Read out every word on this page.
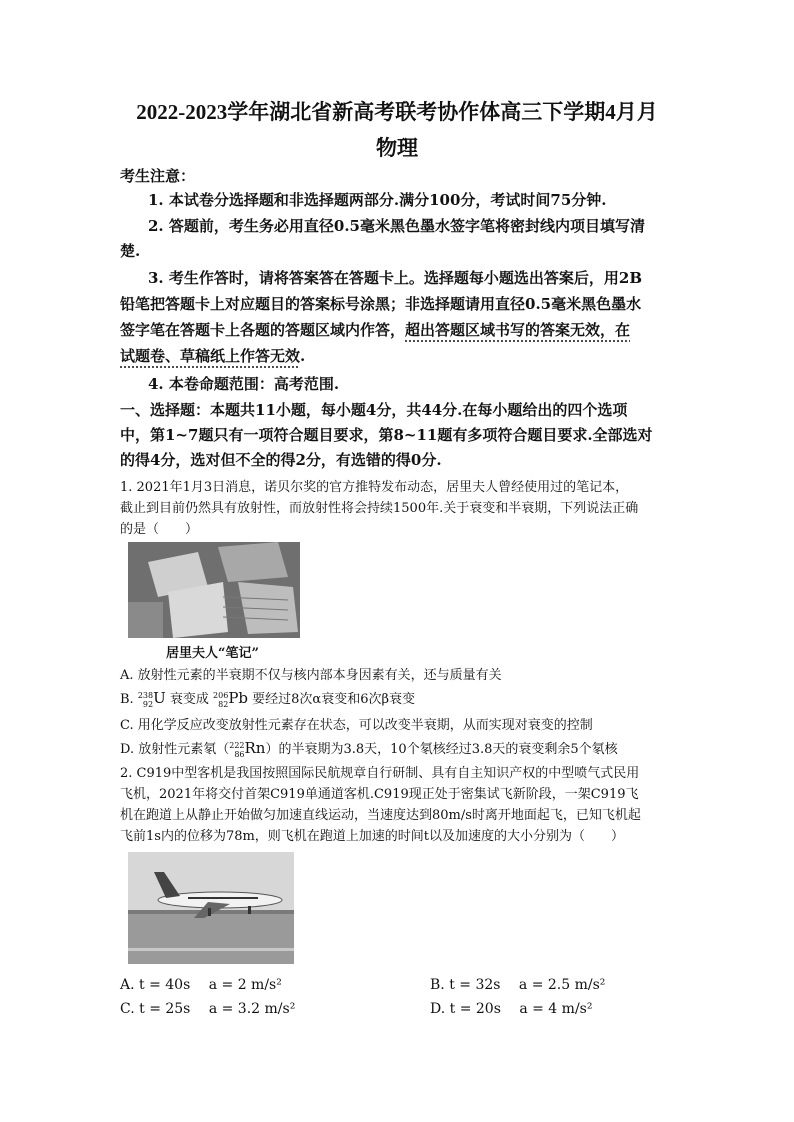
2022-2023学年湖北省新高考联考协作体高三下学期4月月
物理
考生注意：
1. 本试卷分选择题和非选择题两部分.满分100分，考试时间75分钟.
2. 答题前，考生务必用直径0.5毫米黑色墨水签字笔将密封线内项目填写清
楚.
3. 考生作答时，请将答案答在答题卡上。选择题每小题选出答案后，用2B
铅笔把答题卡上对应题目的答案标号涂黑；非选择题请用直径0.5毫米黑色墨水
签字笔在答题卡上各题的答题区域内作答，超出答题区域书写的答案无效，在
试题卷、草稿纸上作答无效.
4. 本卷命题范围：高考范围.
一、选择题：本题共11小题，每小题4分，共44分.在每小题给出的四个选项
中，第1~7题只有一项符合题目要求，第8~11题有多项符合题目要求.全部选对
的得4分，选对但不全的得2分，有选错的得0分.
1. 2021年1月3日消息，诺贝尔奖的官方推特发布动态，居里夫人曾经使用过的笔记本，
截止到目前仍然具有放射性，而放射性将会持续1500年.关于衰变和半衰期，下列说法正确
的是（　　）
居里夫人“笔记”
A. 放射性元素的半衰期不仅与核内部本身因素有关，还与质量有关
B. 238
92 U 衰变成 206
82 Pb 要经过8次α衰变和6次β衰变
C. 用化学反应改变放射性元素存在状态，可以改变半衰期，从而实现对衰变的控制
D. 放射性元素氡（ 222
86 Rn）的半衰期为3.8天，10个氡核经过3.8天的衰变剩余5个氡核
2. C919中型客机是我国按照国际民航规章自行研制、具有自主知识产权的中型喷气式民用
飞机，2021年将交付首架C919单通道客机.C919现正处于密集试飞新阶段，一架C919飞
机在跑道上从静止开始做匀加速直线运动，当速度达到80m/s时离开地面起飞，已知飞机起
飞前1s内的位移为78m，则飞机在跑道上加速的时间t以及加速度的大小分别为（　　）
A. t = 40s　 a = 2 m/s²	B. t = 32s　 a = 2.5 m/s²
C. t = 25s　 a = 3.2 m/s²	D. t = 20s　 a = 4 m/s²
